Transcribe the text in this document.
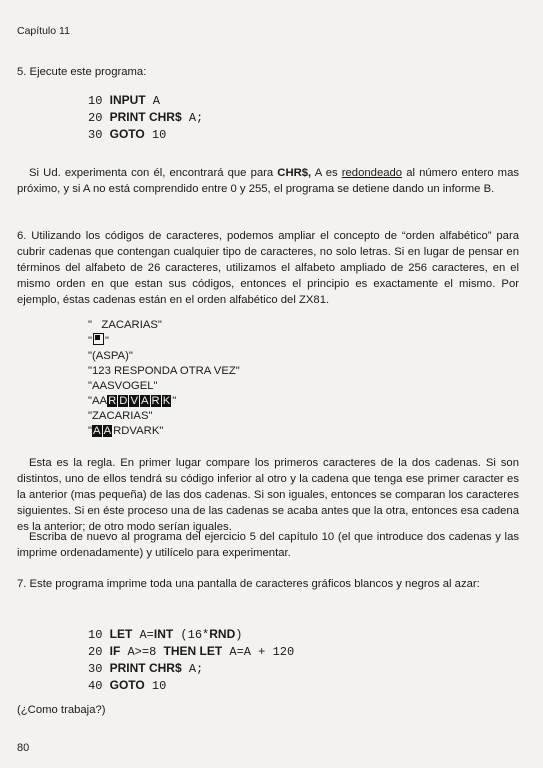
Capítulo 11
5. Ejecute este programa:
10 INPUT A
20 PRINT CHR$ A;
30 GOTO 10

Si Ud. experimenta con él, encontrará que para CHR$, A es redondeado al número entero mas próximo, y si A no está comprendido entre 0 y 255, el programa se detiene dando un informe B.

6. Utilizando los códigos de caracteres, podemos ampliar el concepto de “orden alfabético” para cubrir cadenas que contengan cualquier tipo de caracteres, no solo letras. Si en lugar de pensar en términos del alfabeto de 26 caracteres, utilizamos el alfabeto ampliado de 256 caracteres, en el mismo orden en que estan sus códigos, entonces el principio es exactamente el mismo. Por ejemplo, éstas cadenas están en el orden alfabético del ZX81.

"   ZACARIAS"
" "
"(ASPA)"
"123 RESPONDA OTRA VEZ"
"AASVOGEL"
"AAR D V A R K "
"ZACARIAS"
"A A RDVARK"

Esta es la regla. En primer lugar compare los primeros caracteres de la dos cadenas. Si son distintos, uno de ellos tendrá su código inferior al otro y la cadena que tenga ese primer caracter es la anterior (mas pequeña) de las dos cadenas. Si son iguales, entonces se comparan los caracteres siguientes. Si en éste proceso una de las cadenas se acaba antes que la otra, entonces esa cadena es la anterior; de otro modo serían iguales.

Escriba de nuevo al programa del ejercicio 5 del capítulo 10 (el que introduce dos cadenas y las imprime ordenadamente) y utilícelo para experimentar.

7. Este programa imprime toda una pantalla de caracteres gráficos blancos y negros al azar:

10 LET A=INT (16*RND)
20 IF A>=8 THEN LET A=A + 120
30 PRINT CHR$ A;
40 GOTO 10
(¿Como trabaja?)
80
